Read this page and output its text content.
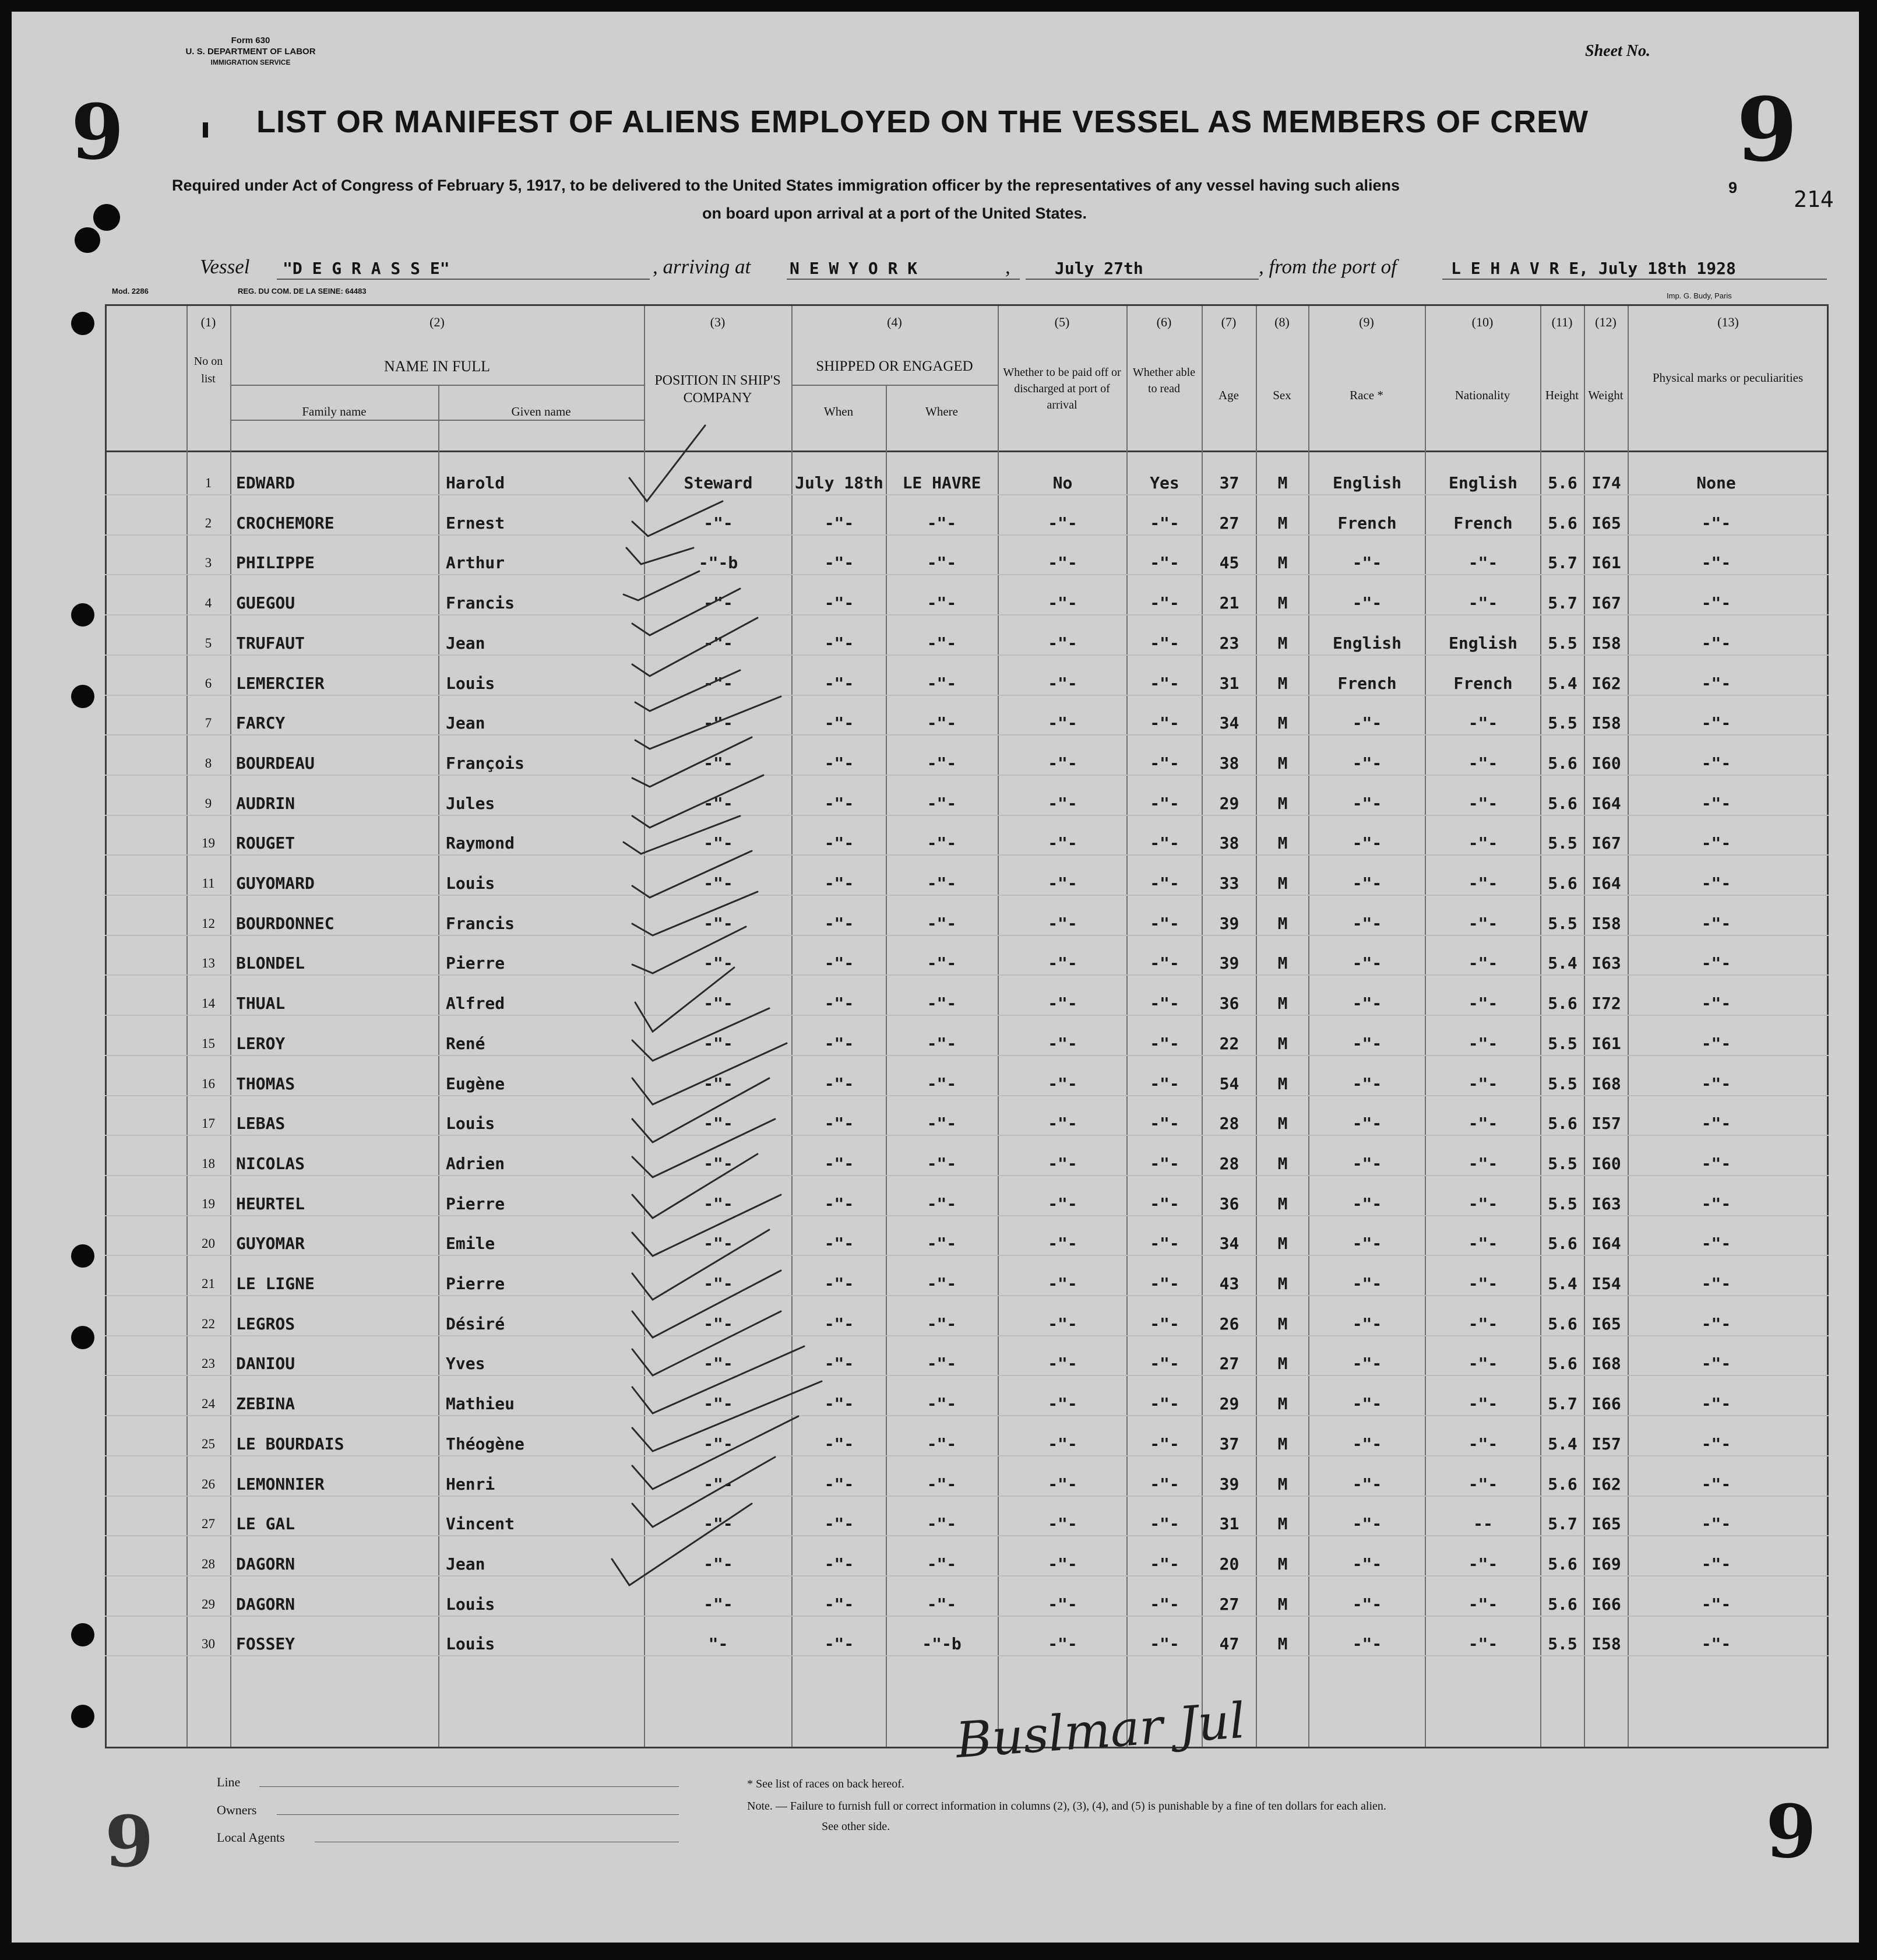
Form 630
U. S. DEPARTMENT OF LABOR
IMMIGRATION SERVICE
Sheet No.
9	9
LIST OR MANIFEST OF ALIENS EMPLOYED ON THE VESSEL AS MEMBERS OF CREW
Required under Act of Congress of February 5, 1917, to be delivered to the United States immigration officer by the representatives of any vessel having such aliens
on board upon arrival at a port of the United States.
9	214
Vessel "D E G R A S S E"	, arriving at N E W Y O R K	,	July 27th	, from the port of	L E H A V R E, July 18th 1928
Mod. 2286	REG. DU COM. DE LA SEINE: 64483
Imp. G. Budy, Paris
(1)	(2)	(3)	(4)	(5)	(6)	(7)	(8)	(9)	(10)	(11)	(12)	(13)
No on list
NAME IN FULL
Family name	Given name
POSITION IN SHIP'S COMPANY
SHIPPED OR ENGAGED
When	Where
Whether to be paid off or discharged at port of arrival
Whether able to read	Age	Sex	Race *	Nationality	Height Weight
Physical marks or peculiarities
1	EDWARD	Harold	Steward	July 18th	LE HAVRE	No	Yes	37	M	English	English	5.6 I74	None
2	CROCHEMORE	Ernest	-"-	-"-	-"-	-"-	-"-	27	M	French	French	5.6 I65	-"-
3	PHILIPPE	Arthur	-"-b	-"-	-"-	-"-	-"-	45	M	-"-	-"-	5.7 I61	-"-
4	GUEGOU	Francis	-"-	-"-	-"-	-"-	-"-	21	M	-"-	-"-	5.7 I67	-"-
5	TRUFAUT	Jean	-"-	-"-	-"-	-"-	-"-	23	M	English	English	5.5 I58	-"-
6	LEMERCIER	Louis	-"-	-"-	-"-	-"-	-"-	31	M	French	French	5.4 I62	-"-
7	FARCY	Jean	-"-	-"-	-"-	-"-	-"-	34	M	-"-	-"-	5.5 I58	-"-
8	BOURDEAU	François	-"-	-"-	-"-	-"-	-"-	38	M	-"-	-"-	5.6 I60	-"-
9	AUDRIN	Jules	-"-	-"-	-"-	-"-	-"-	29	M	-"-	-"-	5.6 I64	-"-
19	ROUGET	Raymond	-"-	-"-	-"-	-"-	-"-	38	M	-"-	-"-	5.5 I67	-"-
11	GUYOMARD	Louis	-"-	-"-	-"-	-"-	-"-	33	M	-"-	-"-	5.6 I64	-"-
12	BOURDONNEC	Francis	-"-	-"-	-"-	-"-	-"-	39	M	-"-	-"-	5.5 I58	-"-
13	BLONDEL	Pierre	-"-	-"-	-"-	-"-	-"-	39	M	-"-	-"-	5.4 I63	-"-
14	THUAL	Alfred	-"-	-"-	-"-	-"-	-"-	36	M	-"-	-"-	5.6 I72	-"-
15	LEROY	René	-"-	-"-	-"-	-"-	-"-	22	M	-"-	-"-	5.5 I61	-"-
16	THOMAS	Eugène	-"-	-"-	-"-	-"-	-"-	54	M	-"-	-"-	5.5 I68	-"-
17	LEBAS	Louis	-"-	-"-	-"-	-"-	-"-	28	M	-"-	-"-	5.6 I57	-"-
18	NICOLAS	Adrien	-"-	-"-	-"-	-"-	-"-	28	M	-"-	-"-	5.5 I60	-"-
19	HEURTEL	Pierre	-"-	-"-	-"-	-"-	-"-	36	M	-"-	-"-	5.5 I63	-"-
20	GUYOMAR	Emile	-"-	-"-	-"-	-"-	-"-	34	M	-"-	-"-	5.6 I64	-"-
21	LE LIGNE	Pierre	-"-	-"-	-"-	-"-	-"-	43	M	-"-	-"-	5.4 I54	-"-
22	LEGROS	Désiré	-"-	-"-	-"-	-"-	-"-	26	M	-"-	-"-	5.6 I65	-"-
23	DANIOU	Yves	-"-	-"-	-"-	-"-	-"-	27	M	-"-	-"-	5.6 I68	-"-
24	ZEBINA	Mathieu	-"-	-"-	-"-	-"-	-"-	29	M	-"-	-"-	5.7 I66	-"-
25	LE BOURDAIS	Théogène	-"-	-"-	-"-	-"-	-"-	37	M	-"-	-"-	5.4 I57	-"-
26	LEMONNIER	Henri	-"-	-"-	-"-	-"-	-"-	39	M	-"-	-"-	5.6 I62	-"-
27	LE GAL	Vincent	-"-	-"-	-"-	-"-	-"-	31	M	-"-	--	5.7 I65	-"-
28	DAGORN	Jean	-"-	-"-	-"-	-"-	-"-	20	M	-"-	-"-	5.6 I69	-"-
29	DAGORN	Louis	-"-	-"-	-"-	-"-	-"-	27	M	-"-	-"-	5.6 I66	-"-
30	FOSSEY	Louis	"-	-"-	-"-b	-"-	-"-	47	M	-"-	-"-	5.5 I58	-"-
Line
Owners
Local Agents
* See list of races on back hereof.
Note. — Failure to furnish full or correct information in columns (2), (3), (4), and (5) is punishable by a fine of ten dollars for each alien.
See other side.
Buslmar Jul
9	9
